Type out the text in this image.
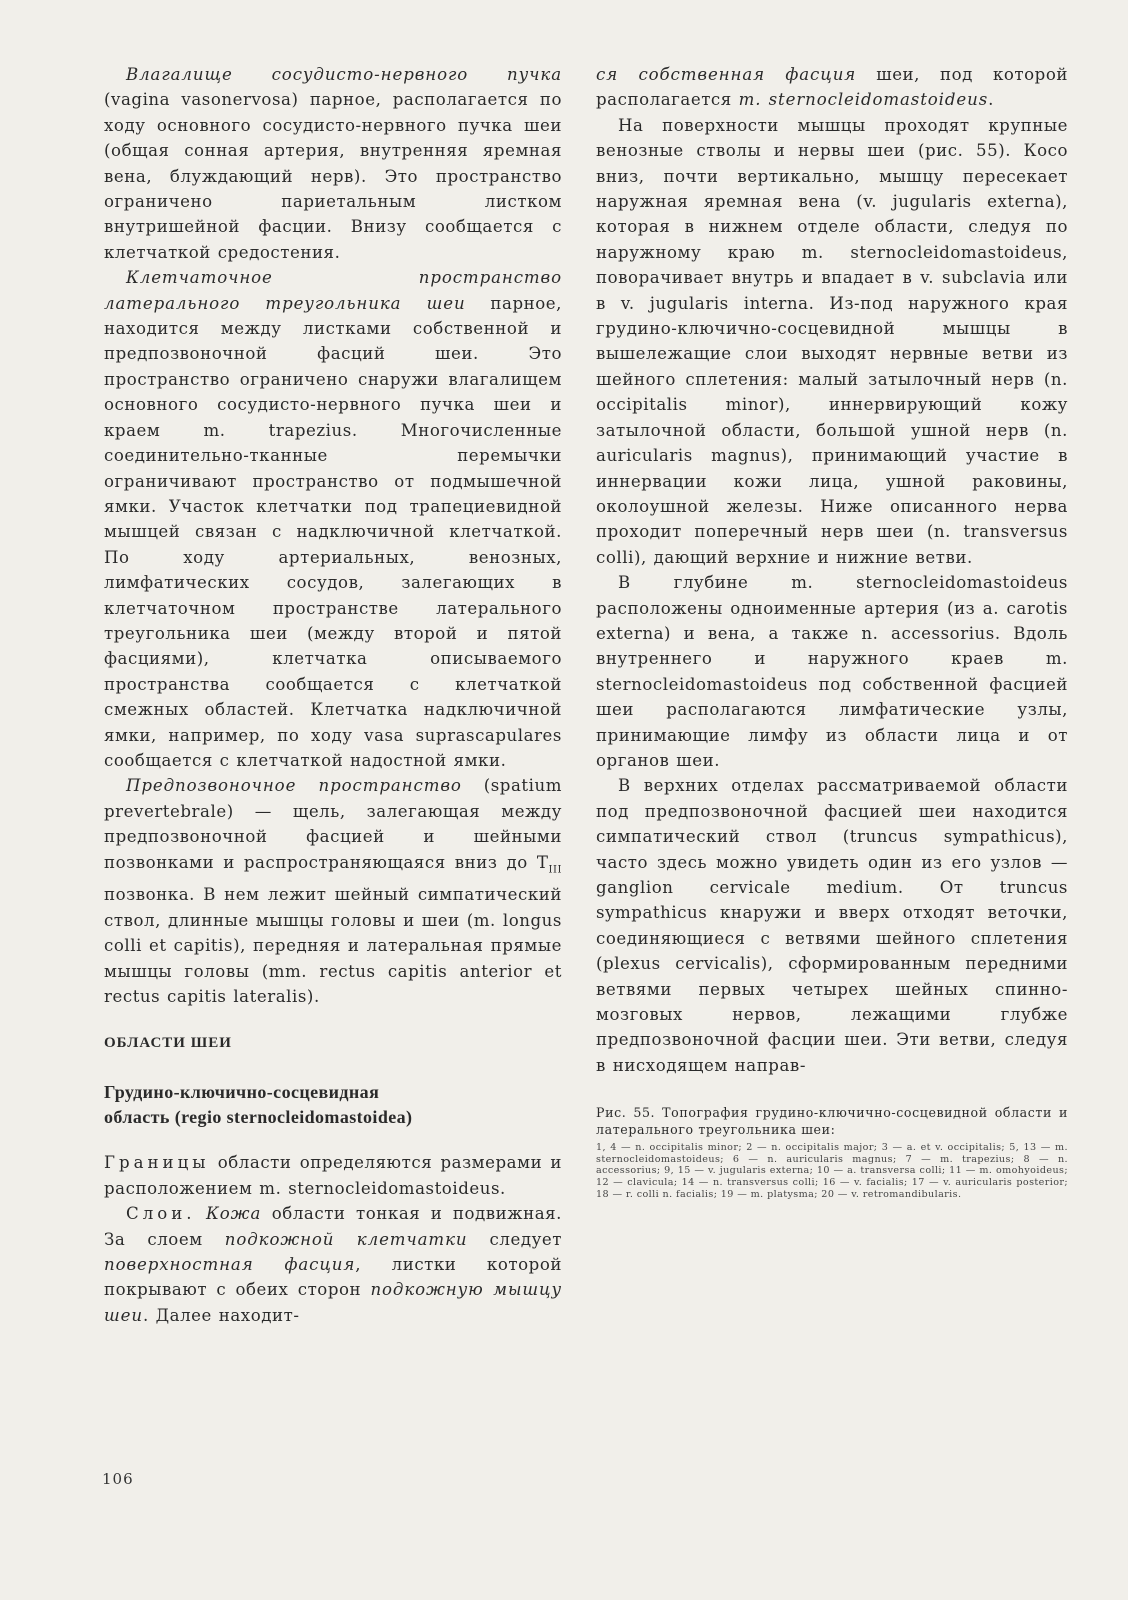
Влагалище сосудисто-нервного пучка (vagina vasonervosa) парное, располагается по ходу основного сосудисто-нервного пучка шеи (общая сонная артерия, внутренняя яремная вена, блуждающий нерв). Это пространство ограничено париетальным листком внутришейной фасции. Внизу сообщается с клетчаткой средостения.

Клетчаточное пространство латерального треугольника шеи парное, находится между листками собственной и предпозвоночной фасций шеи. Это пространство ограничено снаружи влагалищем основного сосудисто-нервного пучка шеи и краем m. trapezius. Многочисленные соединительно-тканные перемычки ограничивают пространство от подмышечной ямки. Участок клетчатки под трапециевидной мышцей связан с надключичной клетчаткой. По ходу артериальных, венозных, лимфатических сосудов, залегающих в клетчаточном пространстве латерального треугольника шеи (между второй и пятой фасциями), клетчатка описываемого пространства сообщается с клетчаткой смежных областей. Клетчатка надключичной ямки, например, по ходу vasa suprascapulares сообщается с клетчаткой надостной ямки.

Предпозвоночное пространство (spatium prevertebrale) — щель, залегающая между предпозвоночной фасцией и шейными позвонками и распространяющаяся вниз до $T_{III}$ позвонка. В нем лежит шейный симпатический ствол, длинные мышцы головы и шеи (m. longus colli et capitis), передняя и латеральная прямые мышцы головы (mm. rectus capitis anterior et rectus capitis lateralis).

ОБЛАСТИ ШЕИ
Грудино-ключично-сосцевидная
область (regio sternocleidomastoidea)

Границы области определяются размерами и расположением m. sternocleidomastoideus.

Слои. Кожа области тонкая и подвижная. За слоем подкожной клетчатки следует поверхностная фасция, листки которой покрывают с обеих сторон подкожную мышцу шеи. Далее находит-

ся собственная фасция шеи, под которой располагается m. sternocleidomastoideus.

На поверхности мышцы проходят крупные венозные стволы и нервы шеи (рис. 55). Косо вниз, почти вертикально, мышцу пересекает наружная яремная вена (v. jugularis externa), которая в нижнем отделе области, следуя по наружному краю m. sternocleidomastoideus, поворачивает внутрь и впадает в v. subclavia или в v. jugularis interna. Из-под наружного края грудино-ключично-сосцевидной мышцы в вышележащие слои выходят нервные ветви из шейного сплетения: малый затылочный нерв (n. occipitalis minor), иннервирующий кожу затылочной области, большой ушной нерв (n. auricularis magnus), принимающий участие в иннервации кожи лица, ушной раковины, околоушной железы. Ниже описанного нерва проходит поперечный нерв шеи (n. transversus colli), дающий верхние и нижние ветви.

В глубине m. sternocleidomastoideus расположены одноименные артерия (из a. carotis externa) и вена, а также n. accessorius. Вдоль внутреннего и наружного краев m. sternocleidomastoideus под собственной фасцией шеи располагаются лимфатические узлы, принимающие лимфу из области лица и от органов шеи.

В верхних отделах рассматриваемой области под предпозвоночной фасцией шеи находится симпатический ствол (truncus sympathicus), часто здесь можно увидеть один из его узлов — ganglion cervicale medium. От truncus sympathicus кнаружи и вверх отходят веточки, соединяющиеся с ветвями шейного сплетения (plexus cervicalis), сформированным передними ветвями первых четырех шейных спинно-мозговых нервов, лежащими глубже предпозвоночной фасции шеи. Эти ветви, следуя в нисходящем направ-

Рис. 55. Топография грудино-ключично-сосцевидной области и латерального треугольника шеи:

1, 4 — n. occipitalis minor; 2 — n. occipitalis major; 3 — a. et v. occipitalis; 5, 13 — m. sternocleidomastoideus; 6 — n. auricularis magnus; 7 — m. trapezius; 8 — n. accessorius; 9, 15 — v. jugularis externa; 10 — a. transversa colli; 11 — m. omohyoideus; 12 — clavicula; 14 — n. transversus colli; 16 — v. facialis; 17 — v. auricularis posterior; 18 — r. colli n. facialis; 19 — m. platysma; 20 — v. retromandibularis.

106
